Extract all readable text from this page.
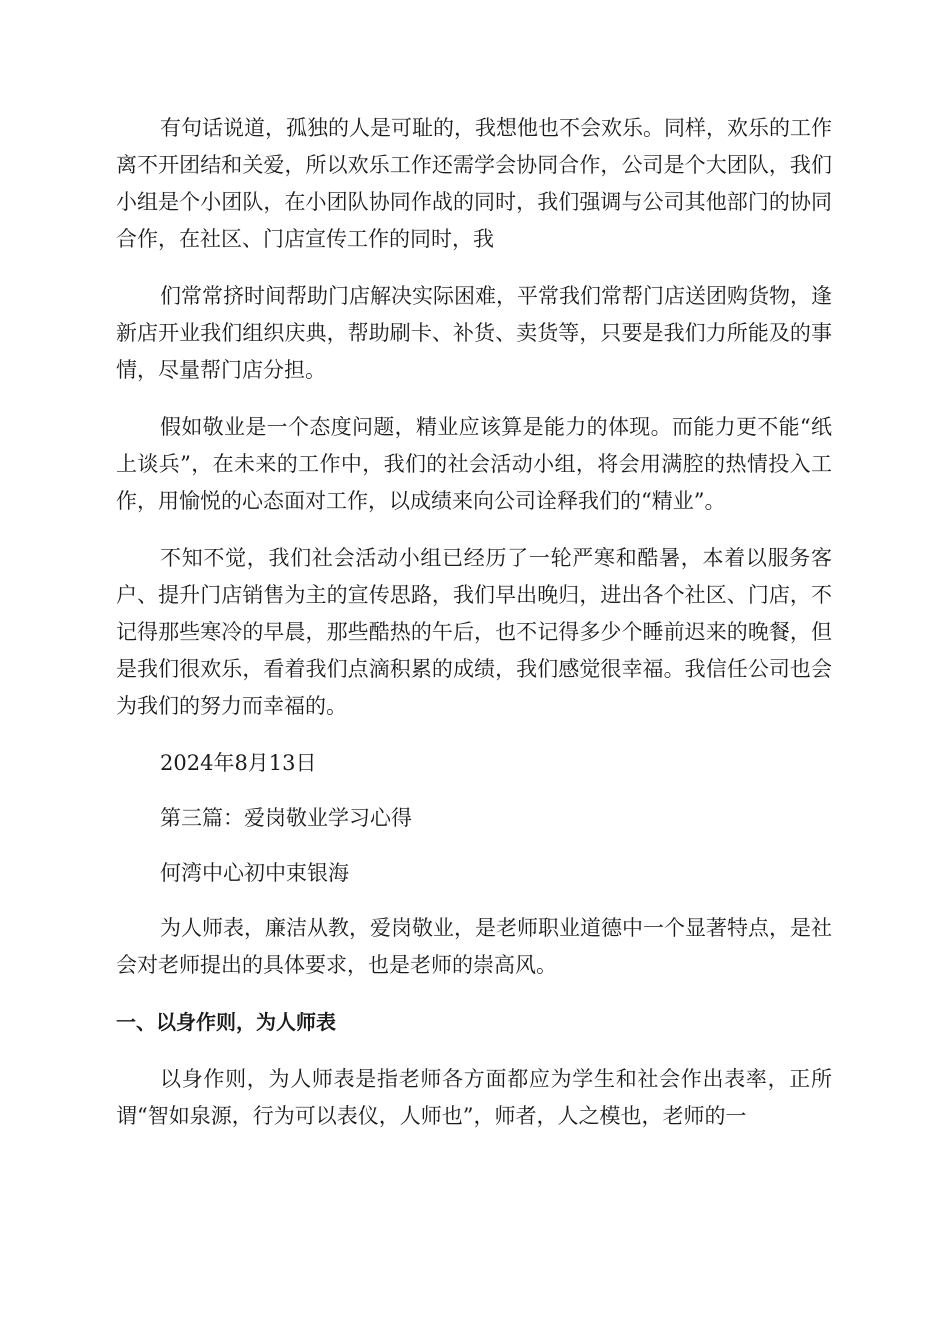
有句话说道，孤独的人是可耻的，我想他也不会欢乐。同样，欢乐的工作离不开团结和关爱，所以欢乐工作还需学会协同合作，公司是个大团队，我们小组是个小团队，在小团队协同作战的同时，我们强调与公司其他部门的协同合作，在社区、门店宣传工作的同时，我

们常常挤时间帮助门店解决实际困难，平常我们常帮门店送团购货物，逢新店开业我们组织庆典，帮助刷卡、补货、卖货等，只要是我们力所能及的事情，尽量帮门店分担。

假如敬业是一个态度问题，精业应该算是能力的体现。而能力更不能“纸上谈兵”，在未来的工作中，我们的社会活动小组，将会用满腔的热情投入工作，用愉悦的心态面对工作，以成绩来向公司诠释我们的“精业”。

不知不觉，我们社会活动小组已经历了一轮严寒和酷暑，本着以服务客户、提升门店销售为主的宣传思路，我们早出晚归，进出各个社区、门店，不记得那些寒冷的早晨，那些酷热的午后，也不记得多少个睡前迟来的晚餐，但是我们很欢乐，看着我们点滴积累的成绩，我们感觉很幸福。我信任公司也会为我们的努力而幸福的。

2024年8月13日

第三篇：爱岗敬业学习心得

何湾中心初中束银海

为人师表，廉洁从教，爱岗敬业，是老师职业道德中一个显著特点，是社会对老师提出的具体要求，也是老师的崇高风。

一、以身作则，为人师表

以身作则，为人师表是指老师各方面都应为学生和社会作出表率，正所谓“智如泉源，行为可以表仪，人师也”，师者，人之模也，老师的一
